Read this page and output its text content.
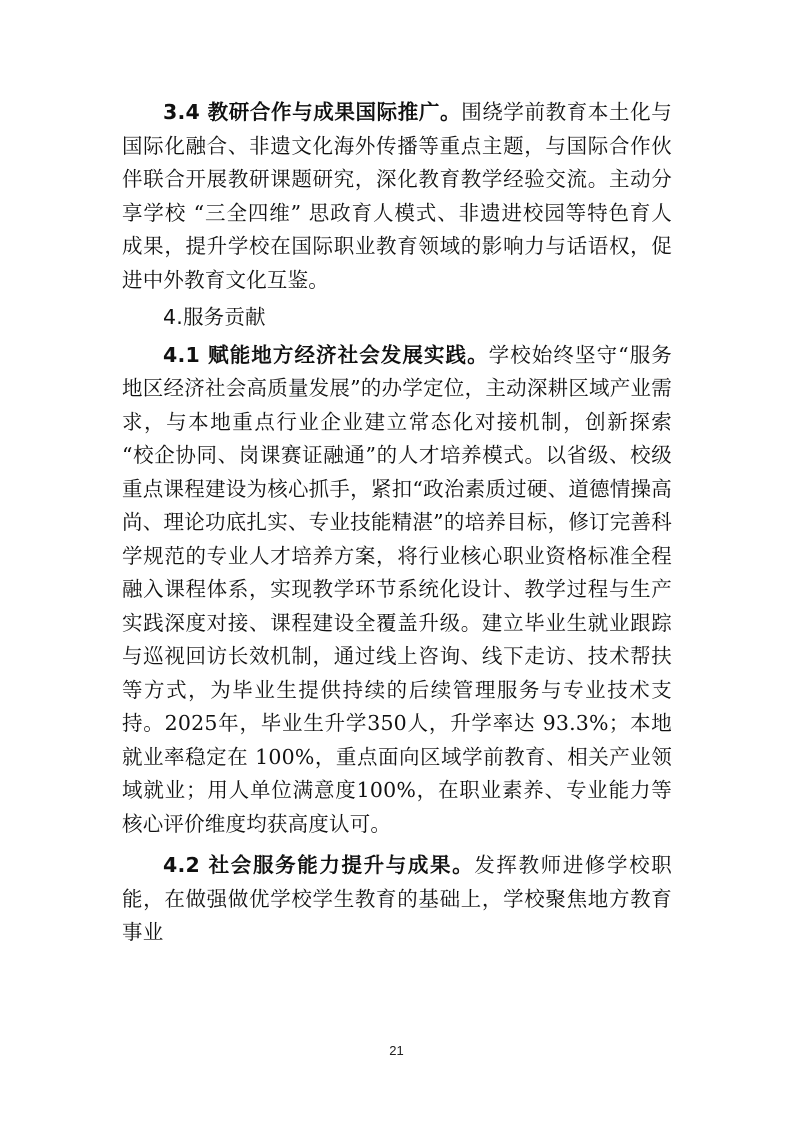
3.4 教研合作与成果国际推广。围绕学前教育本土化与国际化融合、非遗文化海外传播等重点主题，与国际合作伙伴联合开展教研课题研究，深化教育教学经验交流。主动分享学校 “三全四维” 思政育人模式、非遗进校园等特色育人成果，提升学校在国际职业教育领域的影响力与话语权，促进中外教育文化互鉴。

4.服务贡献

4.1 赋能地方经济社会发展实践。学校始终坚守“服务地区经济社会高质量发展”的办学定位，主动深耕区域产业需求，与本地重点行业企业建立常态化对接机制，创新探索 “校企协同、岗课赛证融通”的人才培养模式。以省级、校级重点课程建设为核心抓手，紧扣“政治素质过硬、道德情操高尚、理论功底扎实、专业技能精湛”的培养目标，修订完善科学规范的专业人才培养方案，将行业核心职业资格标准全程融入课程体系，实现教学环节系统化设计、教学过程与生产实践深度对接、课程建设全覆盖升级。建立毕业生就业跟踪与巡视回访长效机制，通过线上咨询、线下走访、技术帮扶等方式，为毕业生提供持续的后续管理服务与专业技术支持。2025年，毕业生升学350人，升学率达 93.3%；本地就业率稳定在 100%，重点面向区域学前教育、相关产业领域就业；用人单位满意度100%，在职业素养、专业能力等核心评价维度均获高度认可。

4.2 社会服务能力提升与成果。发挥教师进修学校职能，在做强做优学校学生教育的基础上，学校聚焦地方教育事业

21
